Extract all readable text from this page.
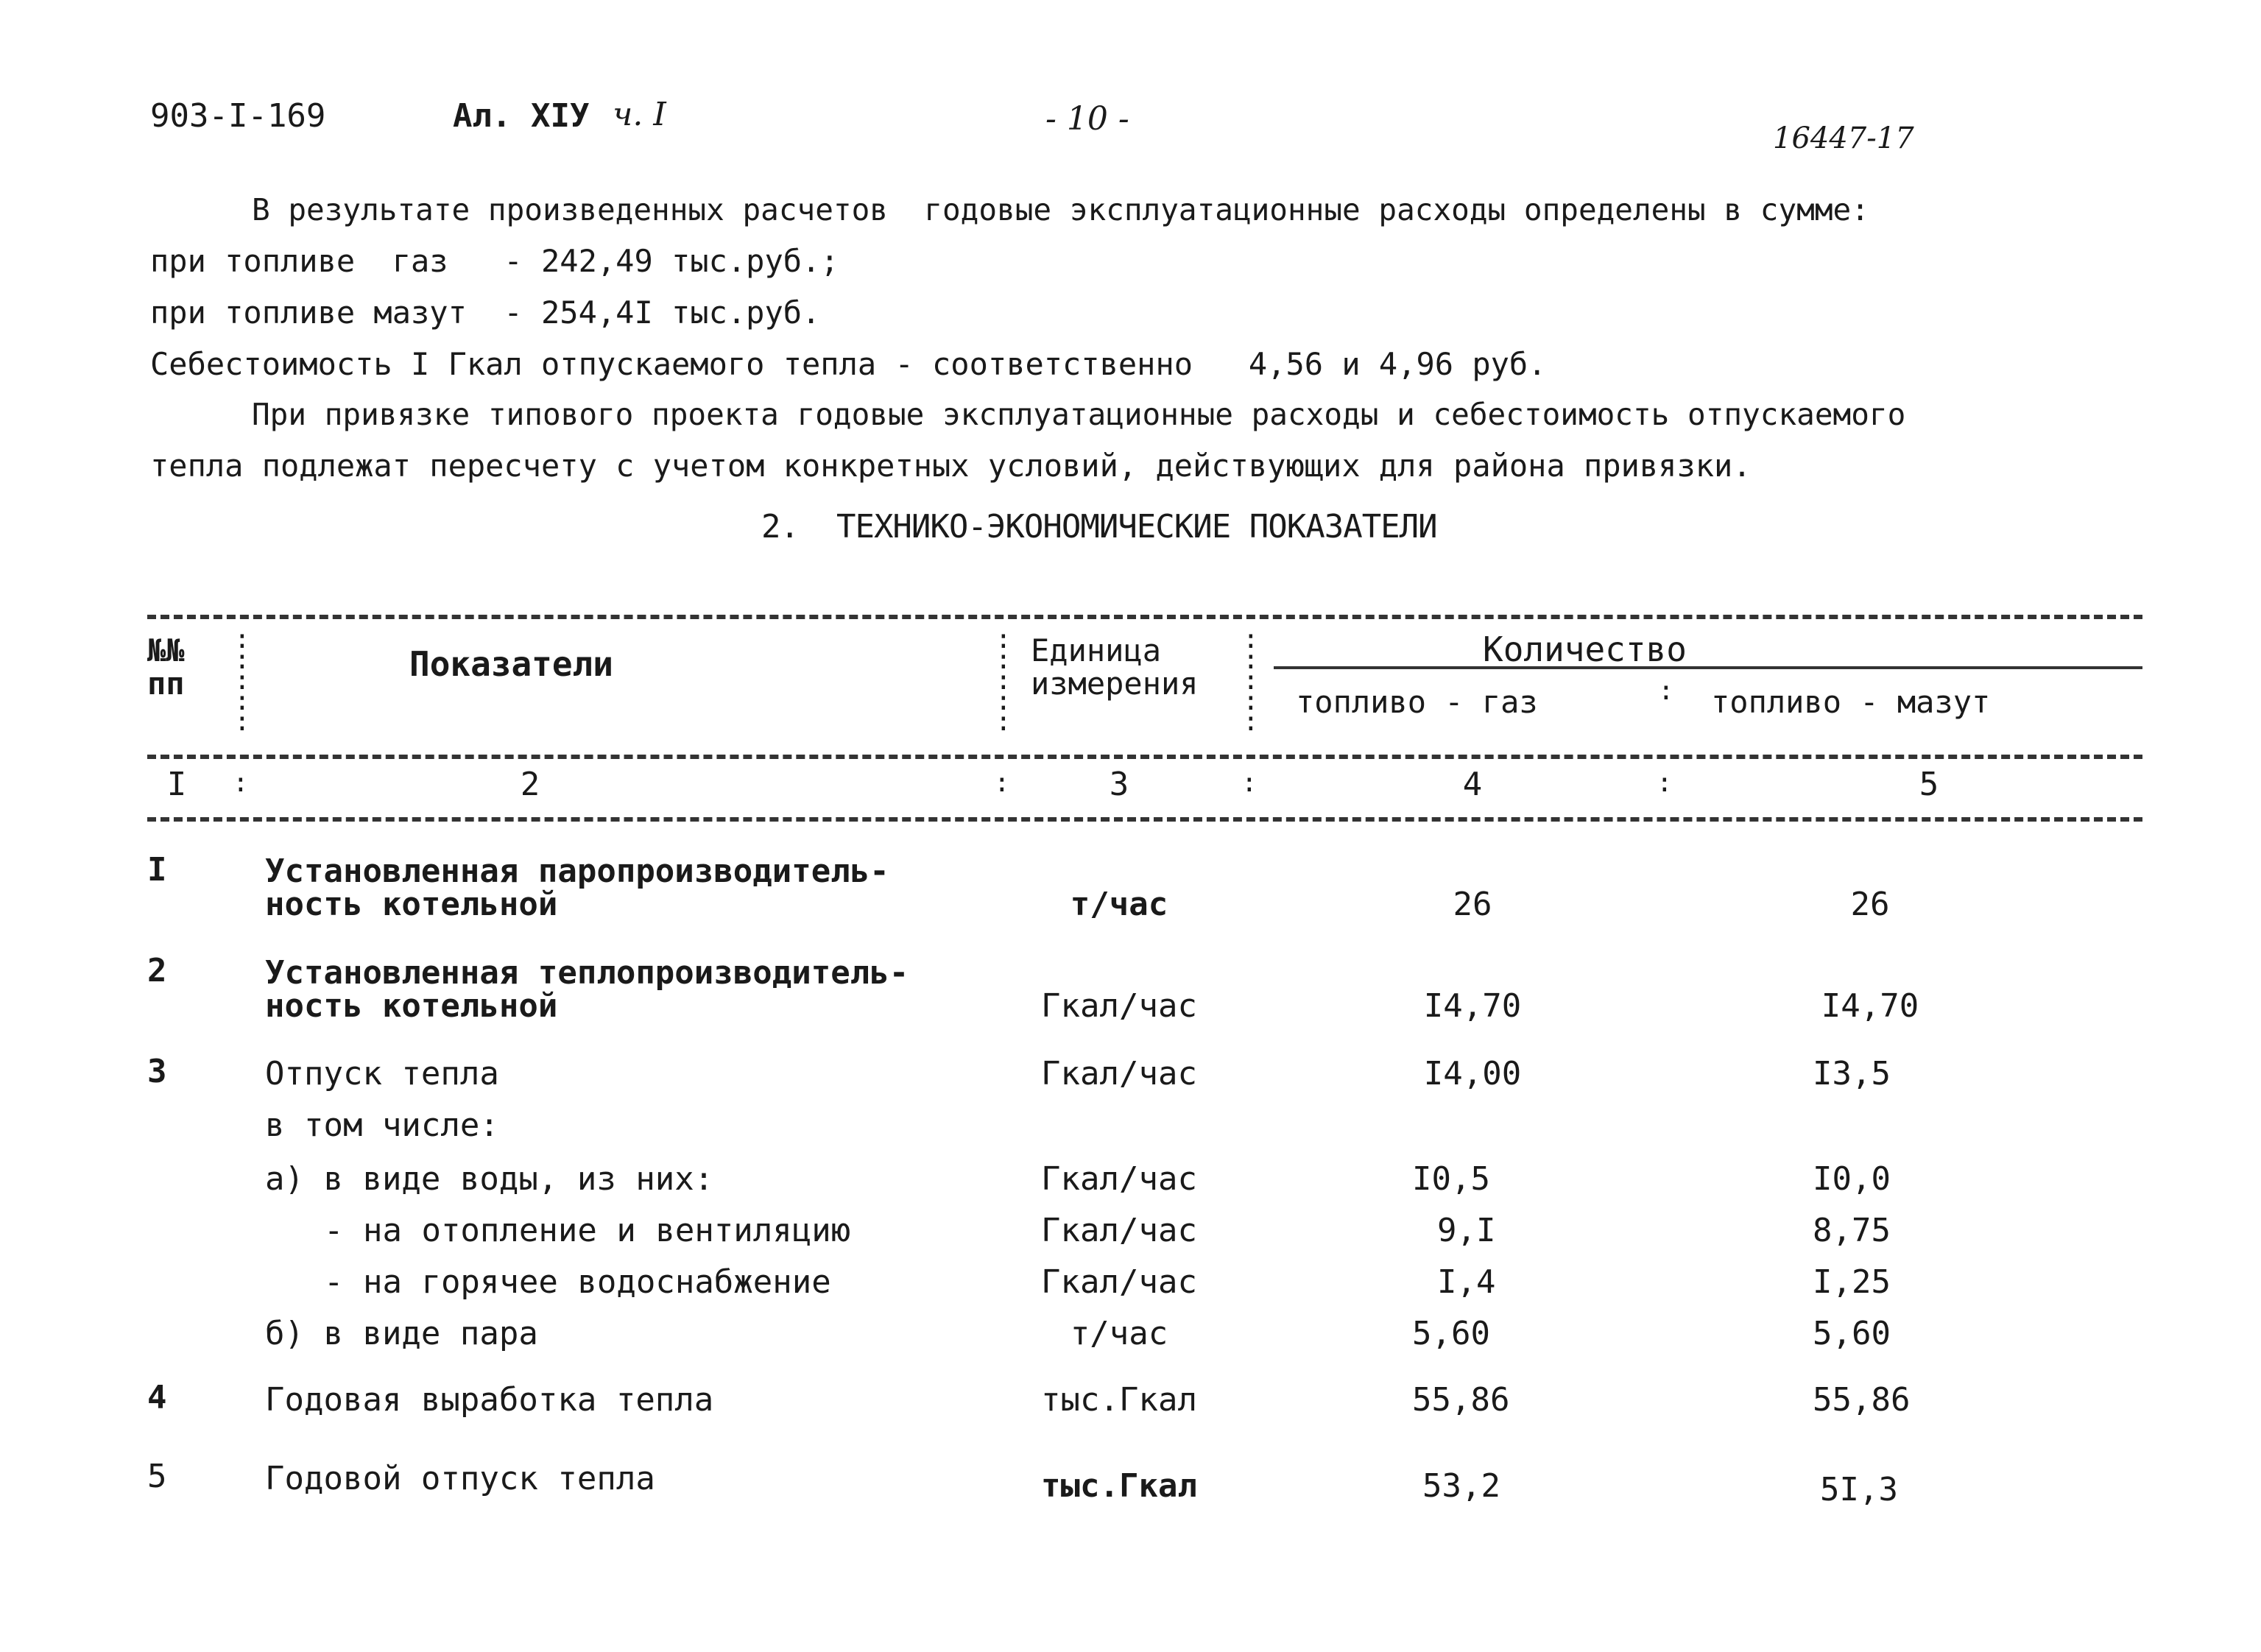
903-I-169	Ал. XIУ ч. I	- 10 -
16447-17
В результате произведенных расчетов  годовые эксплуатационные расходы определены в сумме:
при топливе  газ   - 242,49 тыс.руб.;
при топливе мазут  - 254,4I тыс.руб.
Себестоимость I Гкал отпускаемого тепла - соответственно   4,56 и 4,96 руб.
При привязке типового проекта годовые эксплуатационные расходы и себестоимость отпускаемого
тепла подлежат пересчету с учетом конкретных условий, действующих для района привязки.
2.  ТЕХНИКО-ЭКОНОМИЧЕСКИЕ ПОКАЗАТЕЛИ
:
:
:
:
:
:
:
:
:
:
:
:
:
:
:
:
№№
пп	Показатели	Единица
измерения
Количество
топливо - газ	топливо - мазут
I	:	2	:	3	:	4	:	5
I	Установленная паропроизводитель-
ность котельной	т/час	26	26
2	Установленная теплопроизводитель-
ность котельной	Гкал/час	I4,70	I4,70
3	Отпуск тепла	Гкал/час	I4,00	I3,5
в том числе:
а) в виде воды, из них:	Гкал/час	I0,5	I0,0
- на отопление и вентиляцию	Гкал/час	9,I	8,75
- на горячее водоснабжение	Гкал/час	I,4	I,25
б) в виде пара	т/час	5,60	5,60
4	Годовая выработка тепла	тыс.Гкал	55,86	55,86
5	Годовой отпуск тепла	тыс.Гкал	53,2	5I,3
